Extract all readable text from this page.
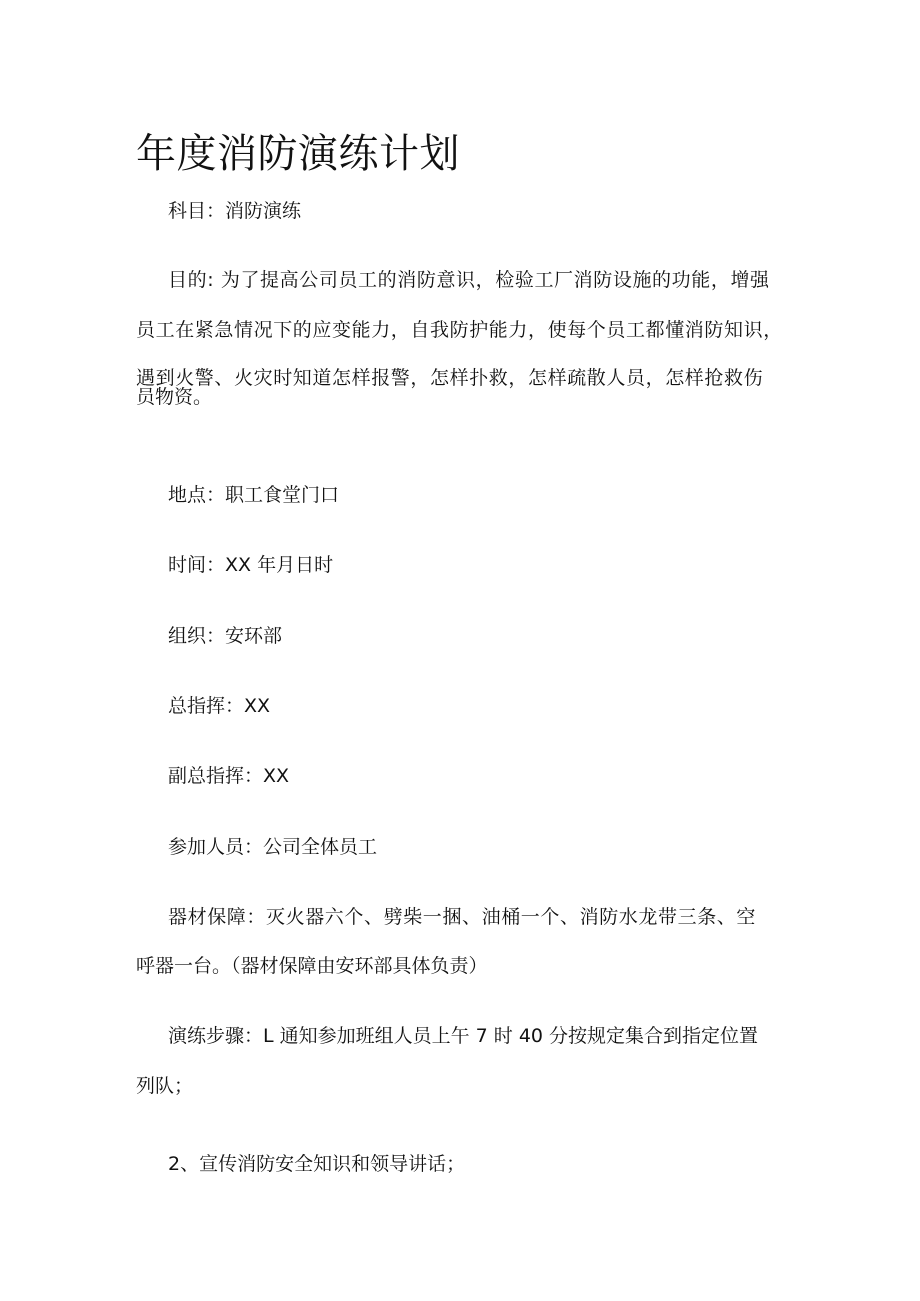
年度消防演练计划
科目：消防演练
目的: 为了提高公司员工的消防意识，检验工厂消防设施的功能，增强
员工在紧急情况下的应变能力，自我防护能力，使每个员工都懂消防知识，
遇到火警、火灾时知道怎样报警，怎样扑救，怎样疏散人员，怎样抢救伤
员物资。
地点：职工食堂门口
时间：XX 年月日时
组织：安环部
总指挥：XX
副总指挥：XX
参加人员：公司全体员工
器材保障：灭火器六个、劈柴一捆、油桶一个、消防水龙带三条、空
呼器一台。（器材保障由安环部具体负责）
演练步骤：L 通知参加班组人员上午 7 时 40 分按规定集合到指定位置
列队；
2、宣传消防安全知识和领导讲话；
